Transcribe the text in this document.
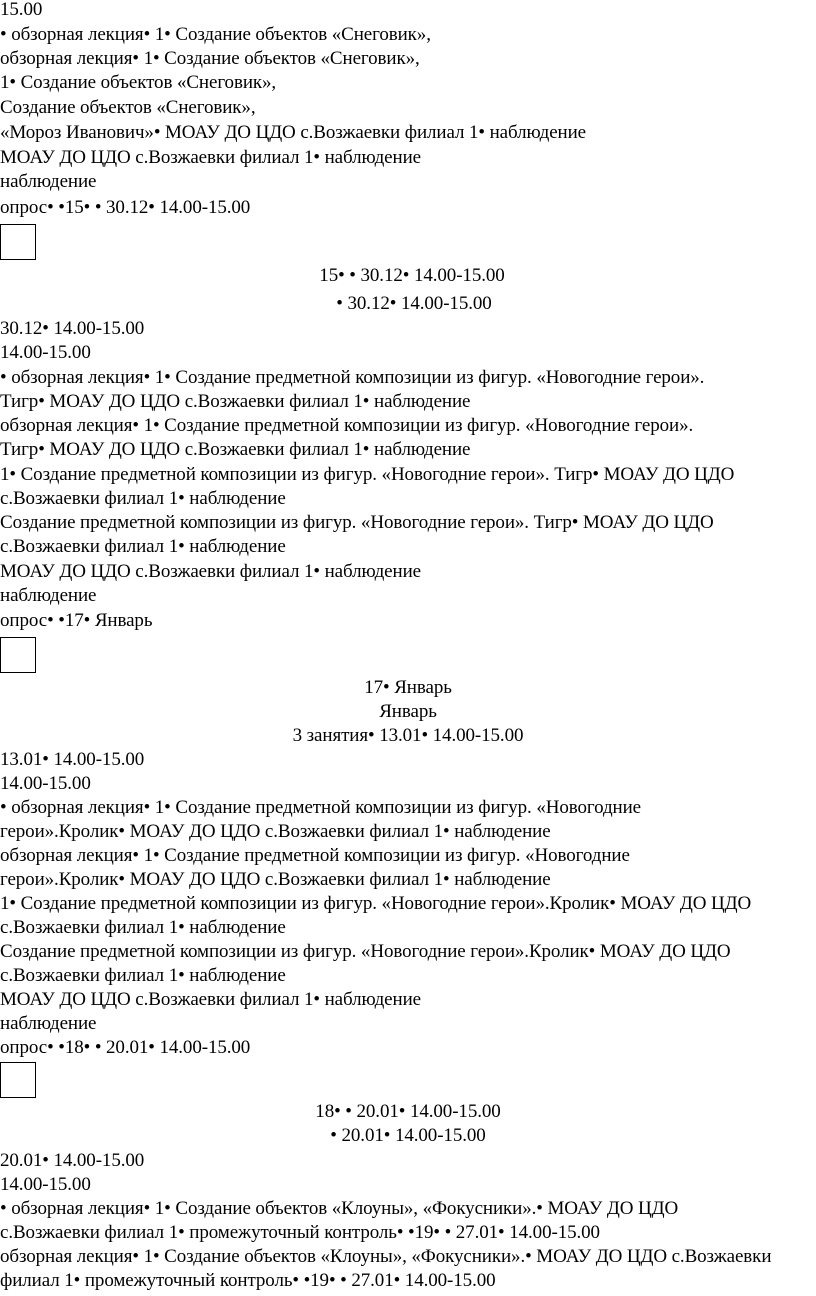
15.00

• обзорная лекция• 1• Создание объектов «Снеговик»,

обзорная лекция• 1• Создание объектов «Снеговик»,

1• Создание объектов «Снеговик»,

Создание объектов «Снеговик»,

«Мороз Иванович»• МОАУ ДО ЦДО с.Возжаевки филиал 1• наблюдение

МОАУ ДО ЦДО с.Возжаевки филиал 1• наблюдение

наблюдение

опрос• •15• • 30.12• 14.00-15.00

15• • 30.12• 14.00-15.00

• 30.12• 14.00-15.00

30.12• 14.00-15.00

14.00-15.00

• обзорная лекция• 1• Создание предметной композиции из фигур. «Новогодние герои».

Тигр• МОАУ ДО ЦДО с.Возжаевки филиал 1• наблюдение

обзорная лекция• 1• Создание предметной композиции из фигур. «Новогодние герои».

Тигр• МОАУ ДО ЦДО с.Возжаевки филиал 1• наблюдение

1• Создание предметной композиции из фигур. «Новогодние герои». Тигр• МОАУ ДО ЦДО

с.Возжаевки филиал 1• наблюдение

Создание предметной композиции из фигур. «Новогодние герои». Тигр• МОАУ ДО ЦДО

с.Возжаевки филиал 1• наблюдение

МОАУ ДО ЦДО с.Возжаевки филиал 1• наблюдение

наблюдение

опрос• •17• Январь

17• Январь

Январь

3 занятия• 13.01• 14.00-15.00

13.01• 14.00-15.00

14.00-15.00

• обзорная лекция• 1• Создание предметной композиции из фигур. «Новогодние

герои».Кролик• МОАУ ДО ЦДО с.Возжаевки филиал 1• наблюдение

обзорная лекция• 1• Создание предметной композиции из фигур. «Новогодние

герои».Кролик• МОАУ ДО ЦДО с.Возжаевки филиал 1• наблюдение

1• Создание предметной композиции из фигур. «Новогодние герои».Кролик• МОАУ ДО ЦДО

с.Возжаевки филиал 1• наблюдение

Создание предметной композиции из фигур. «Новогодние герои».Кролик• МОАУ ДО ЦДО

с.Возжаевки филиал 1• наблюдение

МОАУ ДО ЦДО с.Возжаевки филиал 1• наблюдение

наблюдение

опрос• •18• • 20.01• 14.00-15.00

18• • 20.01• 14.00-15.00

• 20.01• 14.00-15.00

20.01• 14.00-15.00

14.00-15.00

• обзорная лекция• 1• Создание объектов «Клоуны», «Фокусники».• МОАУ ДО ЦДО

с.Возжаевки филиал 1• промежуточный контроль• •19• • 27.01• 14.00-15.00

обзорная лекция• 1• Создание объектов «Клоуны», «Фокусники».• МОАУ ДО ЦДО с.Возжаевки

филиал 1• промежуточный контроль• •19• • 27.01• 14.00-15.00
